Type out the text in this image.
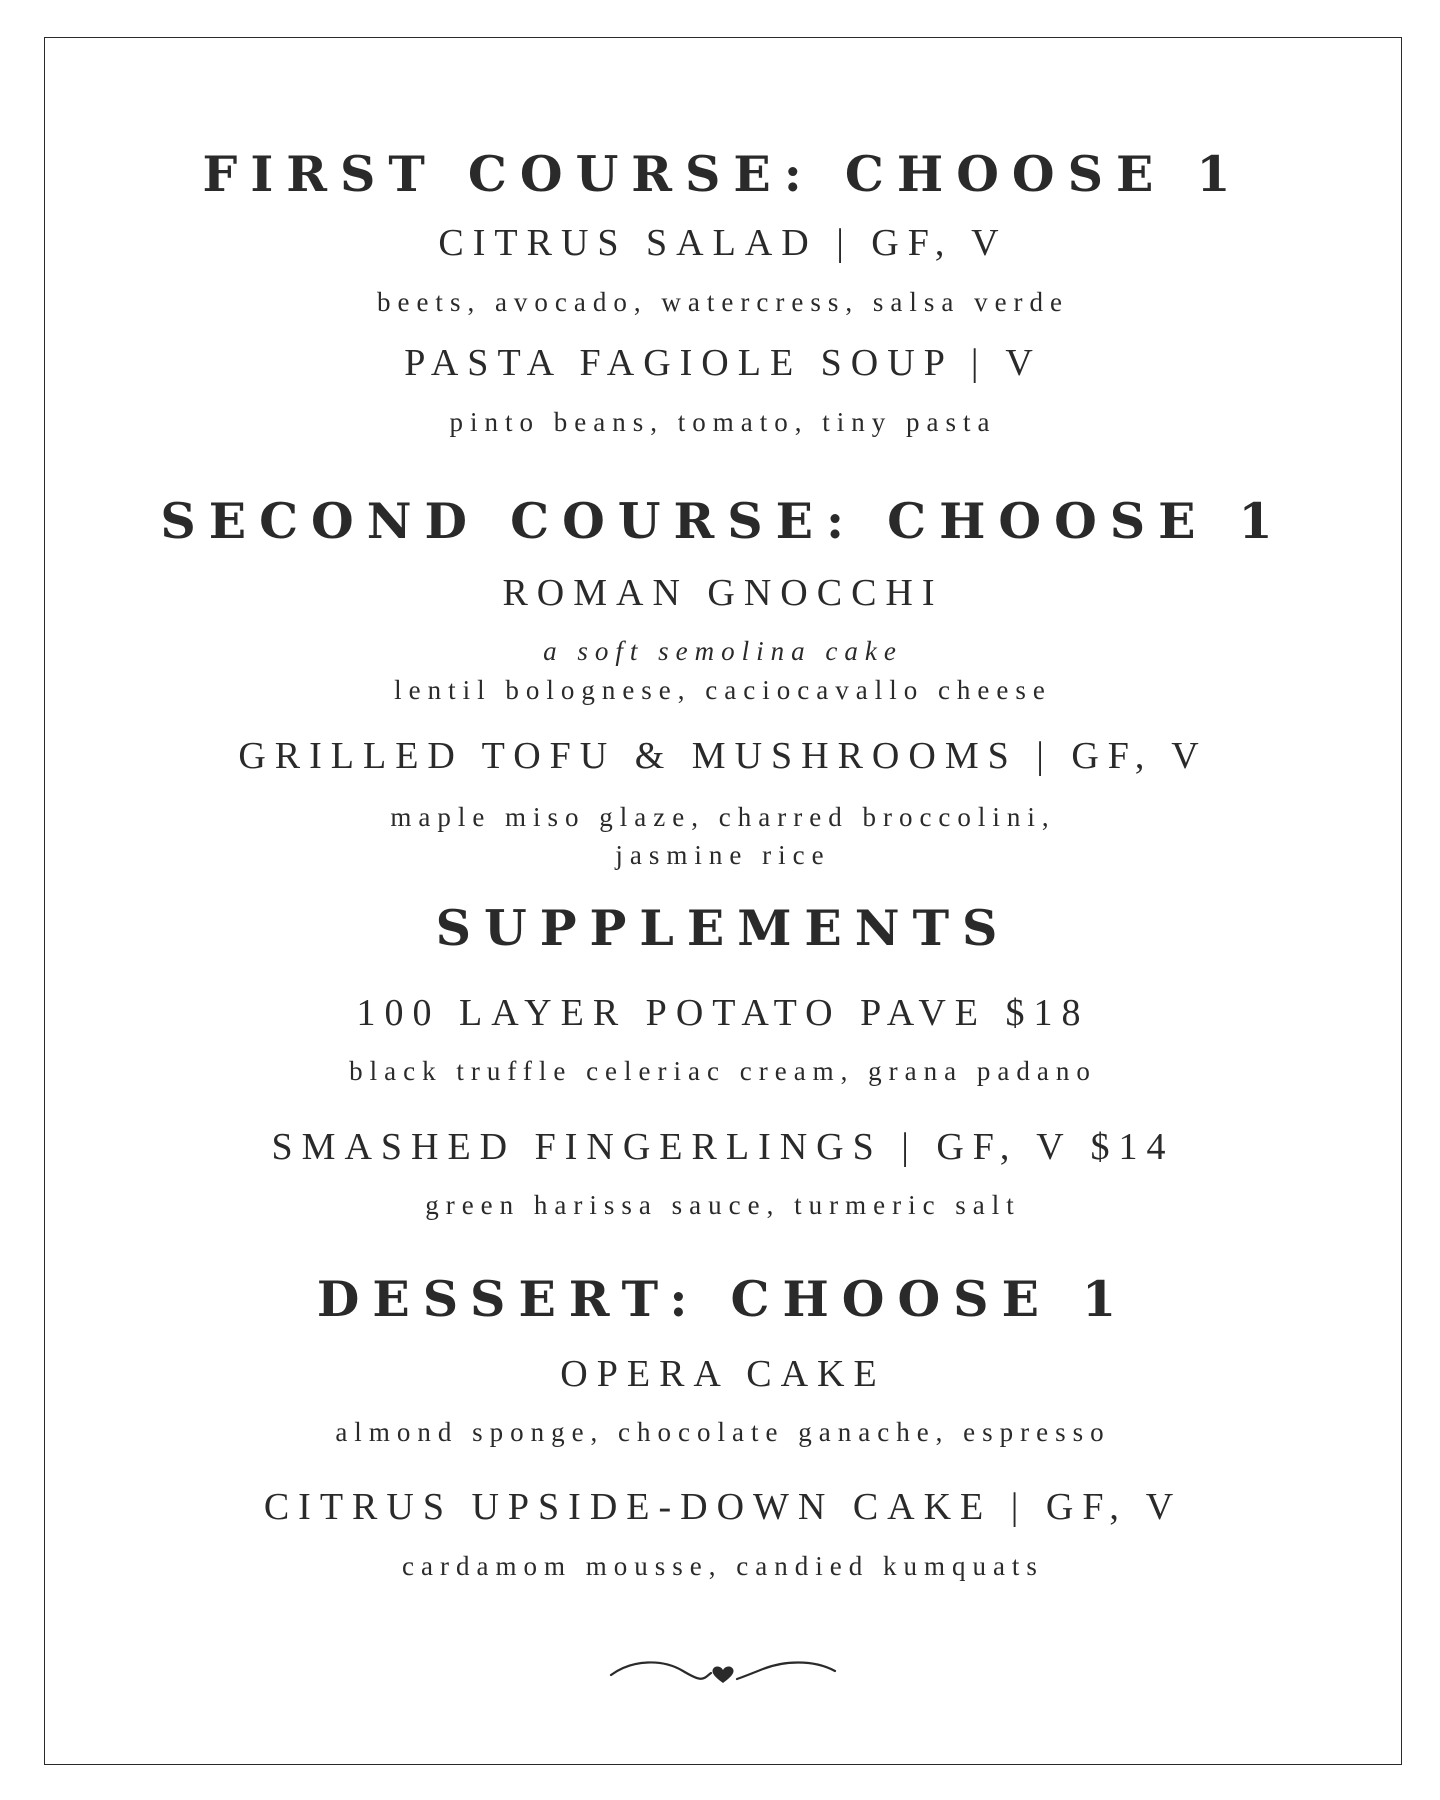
FIRST COURSE: CHOOSE 1
CITRUS SALAD | GF, V
beets, avocado, watercress, salsa verde
PASTA FAGIOLE SOUP | V
pinto beans, tomato, tiny pasta
SECOND COURSE: CHOOSE 1
ROMAN GNOCCHI
a soft semolina cake
lentil bolognese, caciocavallo cheese
GRILLED TOFU & MUSHROOMS | GF, V
maple miso glaze, charred broccolini,
jasmine rice
SUPPLEMENTS
100 LAYER POTATO PAVE $18
black truffle celeriac cream, grana padano
SMASHED FINGERLINGS | GF, V $14
green harissa sauce, turmeric salt
DESSERT: CHOOSE 1
OPERA CAKE
almond sponge, chocolate ganache, espresso
CITRUS UPSIDE-DOWN CAKE | GF, V
cardamom mousse, candied kumquats
